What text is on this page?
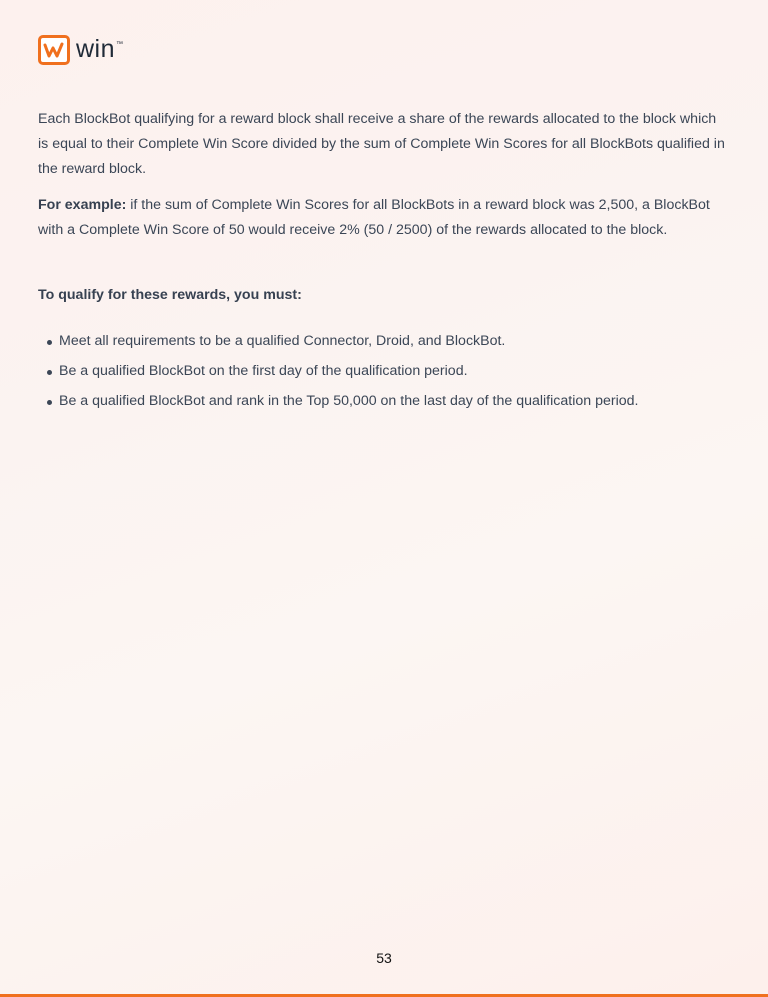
win ™

Each BlockBot qualifying for a reward block shall receive a share of the rewards allocated to the block which is equal to their Complete Win Score divided by the sum of Complete Win Scores for all BlockBots qualified in the reward block.

For example: if the sum of Complete Win Scores for all BlockBots in a reward block was 2,500, a BlockBot with a Complete Win Score of 50 would receive 2% (50 / 2500) of the rewards allocated to the block.

To qualify for these rewards, you must:

Meet all requirements to be a qualified Connector, Droid, and BlockBot.
Be a qualified BlockBot on the first day of the qualification period.
Be a qualified BlockBot and rank in the Top 50,000 on the last day of the qualification period.
53
